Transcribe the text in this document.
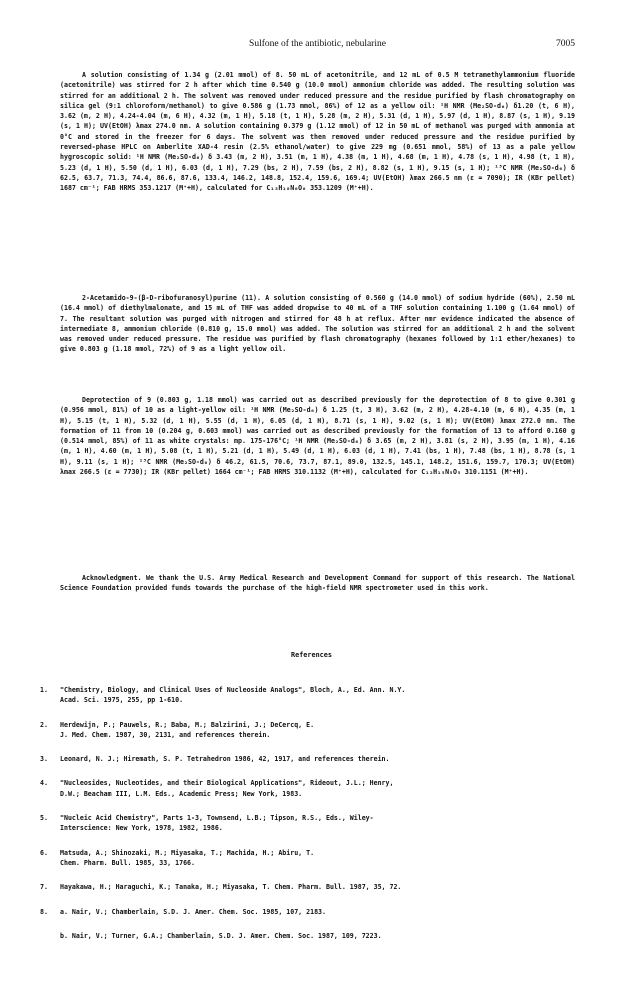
Sulfone of the antibiotic, nebularine	7005

A solution consisting of 1.34 g (2.01 mmol) of 8. 50 mL of acetonitrile, and 12 mL of 0.5 M tetramethylammonium fluoride (acetonitrile) was stirred for 2 h after which time 0.540 g (10.0 mmol) ammonium chloride was added. The resulting solution was stirred for an additional 2 h. The solvent was removed under reduced pressure and the residue purified by flash chromatography on silica gel (9:1 chloroform/methanol) to give 0.586 g (1.73 mmol, 86%) of 12 as a yellow oil: ¹H NMR (Me₂SO-d₆) δ1.20 (t, 6 H), 3.62 (m, 2 H), 4.24-4.04 (m, 6 H), 4.32 (m, 1 H), 5.18 (t, 1 H), 5.28 (m, 2 H), 5.31 (d, 1 H), 5.97 (d, 1 H), 8.87 (s, 1 H), 9.19 (s, 1 H); UV(EtOH) λmax 274.0 nm. A solution containing 0.379 g (1.12 mmol) of 12 in 50 mL of methanol was purged with ammonia at 0°C and stored in the freezer for 6 days. The solvent was then removed under reduced pressure and the residue purified by reversed-phase HPLC on Amberlite XAD-4 resin (2.5% ethanol/water) to give 229 mg (0.651 mmol, 58%) of 13 as a pale yellow hygroscopic solid: ¹H NMR (Me₂SO-d₆) δ 3.43 (m, 2 H), 3.51 (m, 1 H), 4.38 (m, 1 H), 4.68 (m, 1 H), 4.78 (s, 1 H), 4.98 (t, 1 H), 5.23 (d, 1 H), 5.50 (d, 1 H), 6.03 (d, 1 H), 7.29 (bs, 2 H), 7.59 (bs, 2 H), 8.82 (s, 1 H), 9.15 (s, 1 H); ¹³C NMR (Me₂SO-d₆) δ 62.5, 63.7, 71.3, 74.4, 86.6, 87.6, 133.4, 146.2, 148.8, 152.4, 159.6, 169.4; UV(EtOH) λmax 266.5 nm (ε = 7090); IR (KBr pellet) 1687 cm⁻¹; FAB HRMS 353.1217 (M⁺+H), calculated for C₁₃H₁₈N₆O₆ 353.1209 (M⁺+H).

2-Acetamido-9-(β-D-ribofuranosyl)purine (11). A solution consisting of 0.560 g (14.0 mmol) of sodium hydride (60%), 2.50 mL (16.4 mmol) of diethylmalonate, and 15 mL of THF was added dropwise to 40 mL of a THF solution containing 1.100 g (1.64 mmol) of 7. The resultant solution was purged with nitrogen and stirred for 48 h at reflux. After nmr evidence indicated the absence of intermediate 8, ammonium chloride (0.810 g, 15.0 mmol) was added. The solution was stirred for an additional 2 h and the solvent was removed under reduced pressure. The residue was purified by flash chromatography (hexanes followed by 1:1 ether/hexanes) to give 0.803 g (1.18 mmol, 72%) of 9 as a light yellow oil.

Deprotection of 9 (0.803 g, 1.18 mmol) was carried out as described previously for the deprotection of 8 to give 0.301 g (0.956 mmol, 81%) of 10 as a light-yellow oil: ¹H NMR (Me₂SO-d₆) δ 1.25 (t, 3 H), 3.62 (m, 2 H), 4.28-4.10 (m, 6 H), 4.35 (m, 1 H), 5.15 (t, 1 H), 5.32 (d, 1 H), 5.55 (d, 1 H), 6.05 (d, 1 H), 8.71 (s, 1 H), 9.02 (s, 1 H); UV(EtOH) λmax 272.0 nm. The formation of 11 from 10 (0.204 g, 0.603 mmol) was carried out as described previously for the formation of 13 to afford 0.160 g (0.514 mmol, 85%) of 11 as white crystals: mp. 175-176°C; ¹H NMR (Me₂SO-d₆) δ 3.65 (m, 2 H), 3.81 (s, 2 H), 3.95 (m, 1 H), 4.16 (m, 1 H), 4.60 (m, 1 H), 5.08 (t, 1 H), 5.21 (d, 1 H), 5.49 (d, 1 H), 6.03 (d, 1 H), 7.41 (bs, 1 H), 7.48 (bs, 1 H), 8.78 (s, 1 H), 9.11 (s, 1 H); ¹³C NMR (Me₂SO-d₆) δ 46.2, 61.5, 70.6, 73.7, 87.1, 89.0, 132.5, 145.1, 148.2, 151.6, 159.7, 170.3; UV(EtOH) λmax 266.5 (ε = 7730); IR (KBr pellet) 1664 cm⁻¹; FAB HRMS 310.1132 (M⁺+H), calculated for C₁₂H₁₅N₅O₅ 310.1151 (M⁺+H).

Acknowledgment. We thank the U.S. Army Medical Research and Development Command for support of this research. The National Science Foundation provided funds towards the purchase of the high-field NMR spectrometer used in this work.

References
1. "Chemistry, Biology, and Clinical Uses of Nucleoside Analogs", Bloch, A., Ed. Ann. N.Y.
Acad. Sci. 1975, 255, pp 1-610.
2. Herdewijn, P.; Pauwels, R.; Baba, M.; Balzirini, J.; DeCercq, E.
J. Med. Chem. 1987, 30, 2131, and references therein.
3. Leonard, N. J.; Hiremath, S. P. Tetrahedron 1986, 42, 1917, and references therein.
4. "Nucleosides, Nucleotides, and their Biological Applications", Rideout, J.L.; Henry,
D.W.; Beacham III, L.M. Eds., Academic Press; New York, 1983.
5. "Nucleic Acid Chemistry", Parts 1-3, Townsend, L.B.; Tipson, R.S., Eds., Wiley-
Interscience: New York, 1978, 1982, 1986.
6. Matsuda, A.; Shinozaki, M.; Miyasaka, T.; Machida, H.; Abiru, T.
Chem. Pharm. Bull. 1985, 33, 1766.
7. Hayakawa, H.; Haraguchi, K.; Tanaka, H.; Miyasaka, T. Chem. Pharm. Bull. 1987, 35, 72.
8. a. Nair, V.; Chamberlain, S.D. J. Amer. Chem. Soc. 1985, 107, 2183.
b. Nair, V.; Turner, G.A.; Chamberlain, S.D. J. Amer. Chem. Soc. 1987, 109, 7223.
